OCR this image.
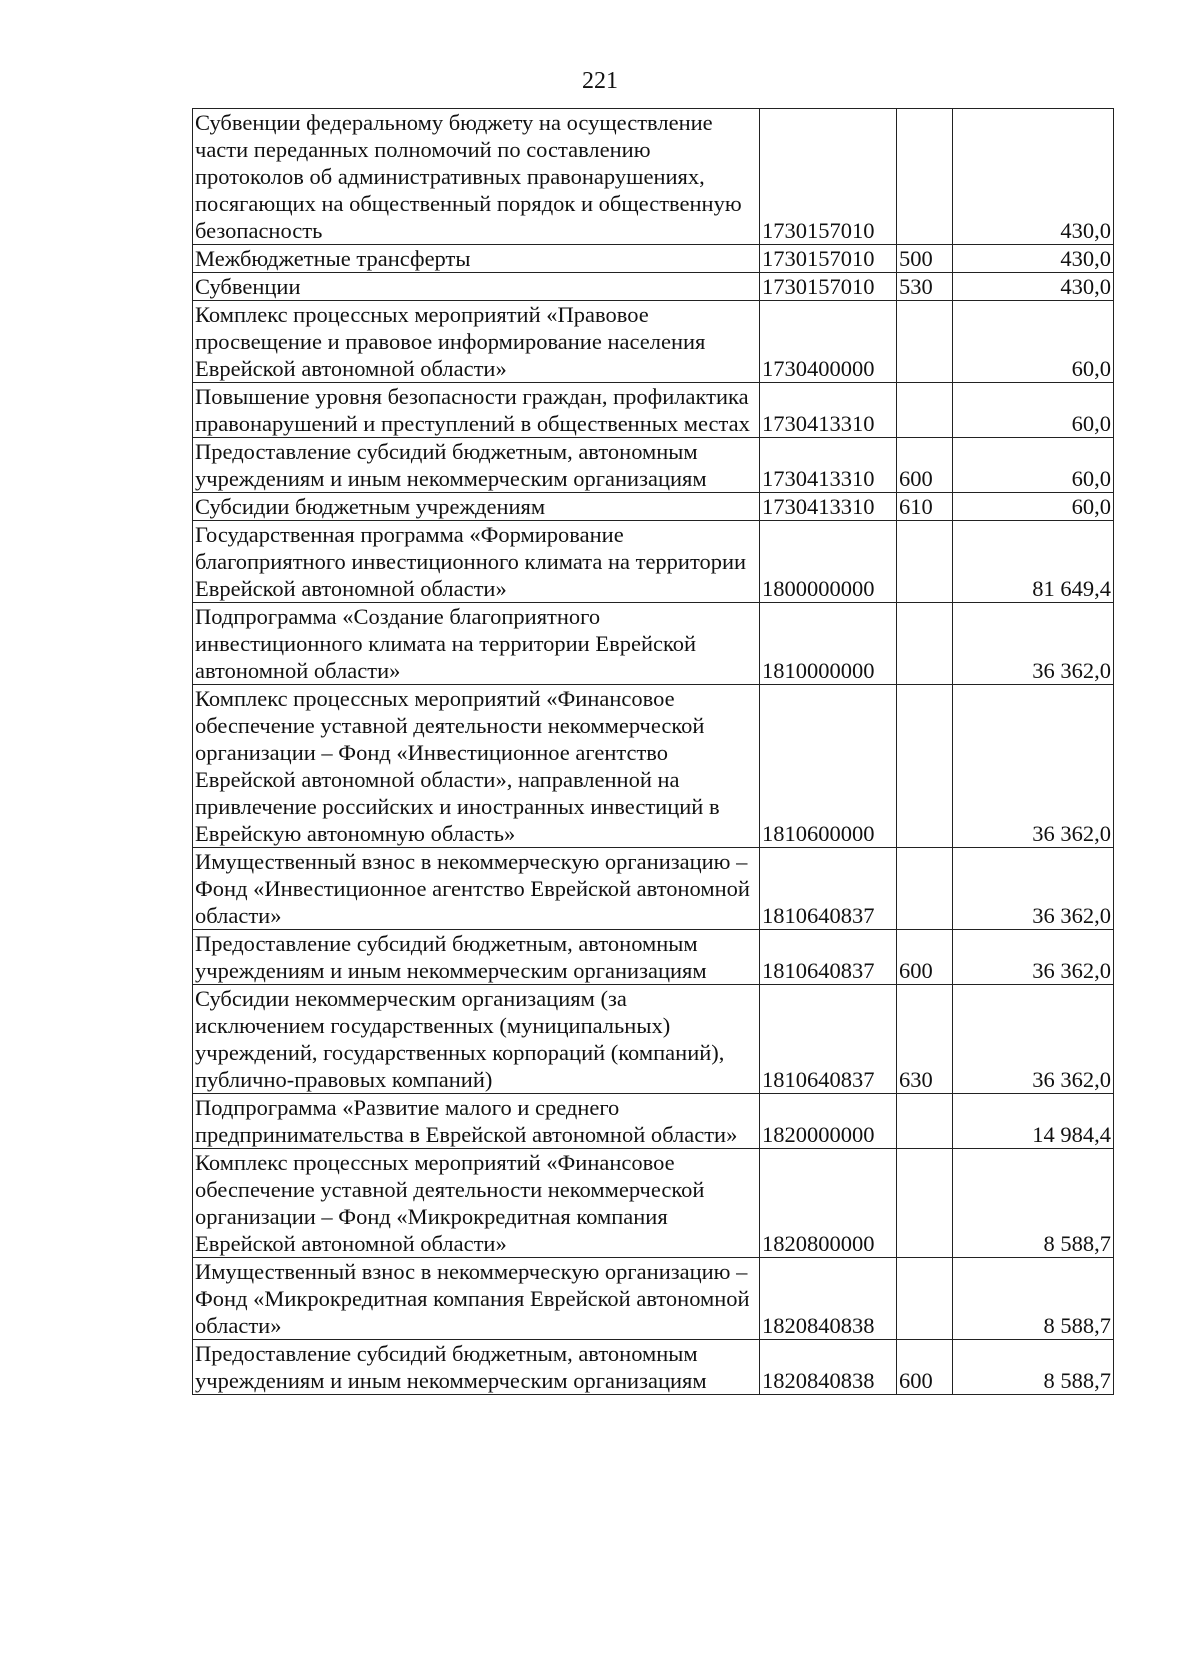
221
Субвенции федеральному бюджету на осуществление части переданных полномочий по составлению протоколов об административных правонарушениях, посягающих на общественный порядок и общественную безопасность	1730157010		430,0
Межбюджетные трансферты	1730157010	500	430,0
Субвенции	1730157010	530	430,0
Комплекс процессных мероприятий «Правовое просвещение и правовое информирование населения Еврейской автономной области»	1730400000		60,0
Повышение уровня безопасности граждан, профилактика правонарушений и преступлений в общественных местах	1730413310		60,0
Предоставление субсидий бюджетным, автономным учреждениям и иным некоммерческим организациям	1730413310	600	60,0
Субсидии бюджетным учреждениям	1730413310	610	60,0
Государственная программа «Формирование благоприятного инвестиционного климата на территории Еврейской автономной области»	1800000000		81 649,4
Подпрограмма «Создание благоприятного инвестиционного климата на территории Еврейской автономной области»	1810000000		36 362,0
Комплекс процессных мероприятий «Финансовое обеспечение уставной деятельности некоммерческой организации – Фонд «Инвестиционное агентство Еврейской автономной области», направленной на привлечение российских и иностранных инвестиций в Еврейскую автономную область»	1810600000		36 362,0
Имущественный взнос в некоммерческую организацию – Фонд «Инвестиционное агентство Еврейской автономной области»	1810640837		36 362,0
Предоставление субсидий бюджетным, автономным учреждениям и иным некоммерческим организациям	1810640837	600	36 362,0
Субсидии некоммерческим организациям (за исключением государственных (муниципальных) учреждений, государственных корпораций (компаний), публично-правовых компаний)	1810640837	630	36 362,0
Подпрограмма «Развитие малого и среднего предпринимательства в Еврейской автономной области»	1820000000		14 984,4
Комплекс процессных мероприятий «Финансовое обеспечение уставной деятельности некоммерческой организации – Фонд «Микрокредитная компания Еврейской автономной области»	1820800000		8 588,7
Имущественный взнос в некоммерческую организацию – Фонд «Микрокредитная компания Еврейской автономной области»	1820840838		8 588,7
Предоставление субсидий бюджетным, автономным учреждениям и иным некоммерческим организациям	1820840838	600	8 588,7
